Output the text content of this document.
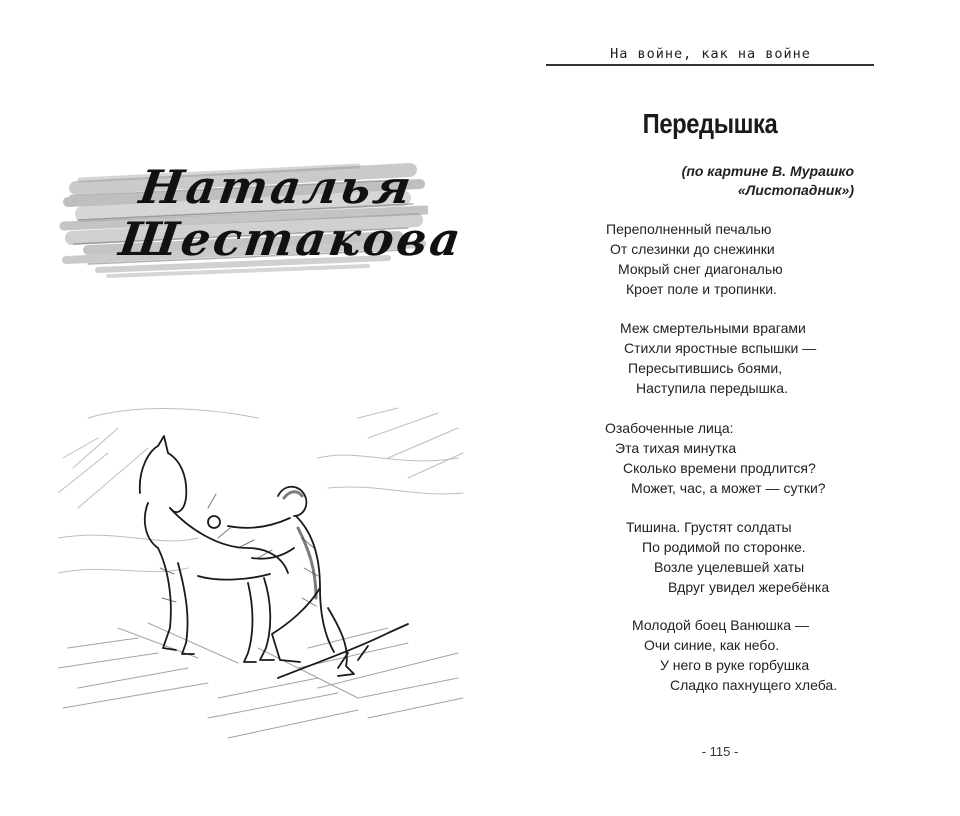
Наталья
Шестакова
На войне, как на войне
Передышка
(по картине В. Мурашко
«Листопадник»)
Переполненный печалью
От слезинки до снежинки
Мокрый снег диагональю
Кроет поле и тропинки.
Меж смертельными врагами
Стихли яростные вспышки —
Пересытившись боями,
Наступила передышка.
Озабоченные лица:
Эта тихая минутка
Сколько времени продлится?
Может, час, а может — сутки?
Тишина. Грустят солдаты
По родимой по сторонке.
Возле уцелевшей хаты
Вдруг увидел жеребёнка
Молодой боец Ванюшка —
Очи синие, как небо.
У него в руке горбушка
Сладко пахнущего хлеба.
- 115 -
